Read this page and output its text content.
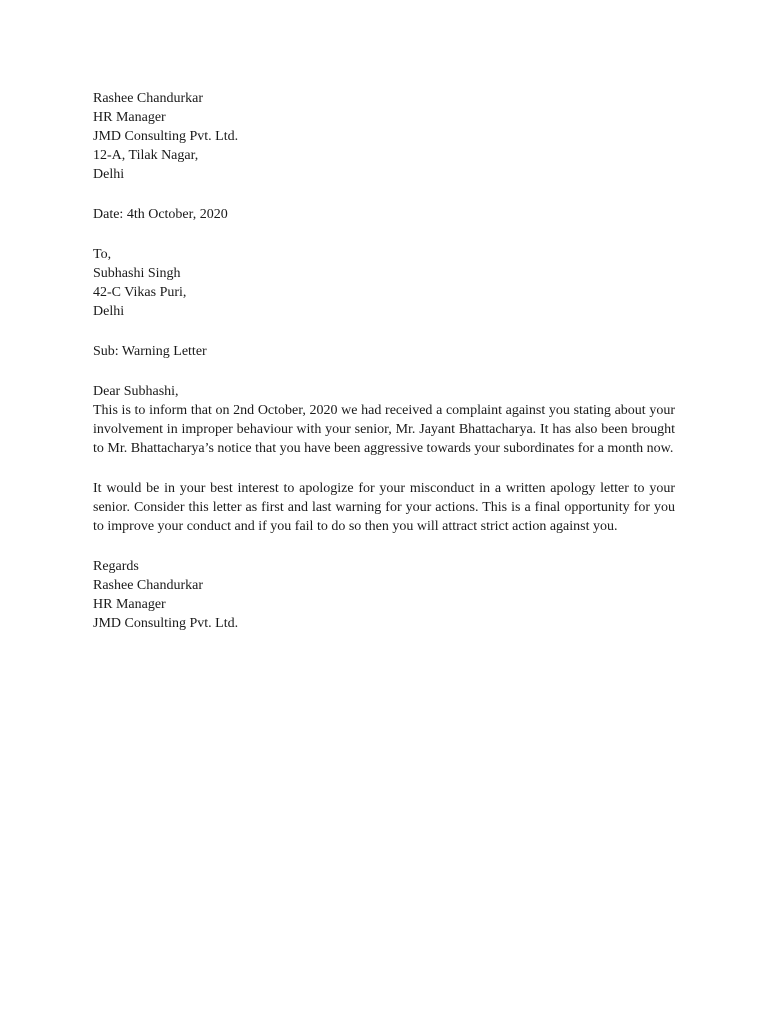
Rashee Chandurkar
HR Manager
JMD Consulting Pvt. Ltd.
12-A, Tilak Nagar,
Delhi
Date: 4th October, 2020
To,
Subhashi Singh
42-C Vikas Puri,
Delhi
Sub: Warning Letter
Dear Subhashi,

This is to inform that on 2nd October, 2020 we had received a complaint against you stating about your involvement in improper behaviour with your senior, Mr. Jayant Bhattacharya. It has also been brought to Mr. Bhattacharya’s notice that you have been aggressive towards your subordinates for a month now.

It would be in your best interest to apologize for your misconduct in a written apology letter to your senior. Consider this letter as first and last warning for your actions. This is a final opportunity for you to improve your conduct and if you fail to do so then you will attract strict action against you.

Regards
Rashee Chandurkar
HR Manager
JMD Consulting Pvt. Ltd.
